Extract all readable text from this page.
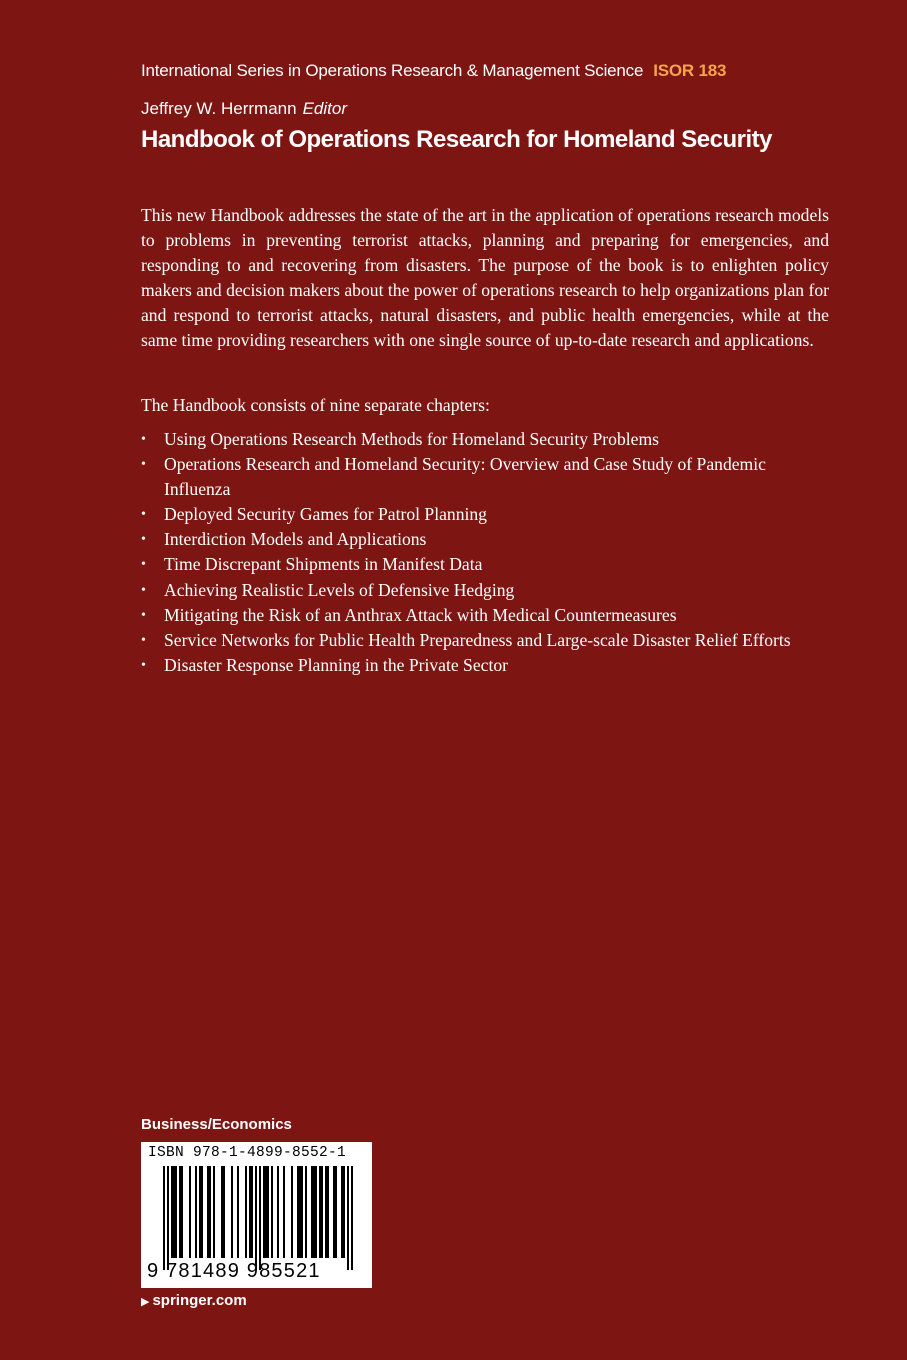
International Series in Operations Research & Management Science ISOR 183
Jeffrey W. Herrmann Editor
Handbook of Operations Research for Homeland Security

This new Handbook addresses the state of the art in the application of operations research models to problems in preventing terrorist attacks, planning and preparing for emergencies, and responding to and recovering from disasters. The purpose of the book is to enlighten policy makers and decision makers about the power of operations research to help organizations plan for and respond to terrorist attacks, natural disasters, and public health emergencies, while at the same time providing researchers with one single source of up-to-date research and applications.

The Handbook consists of nine separate chapters:

• Using Operations Research Methods for Homeland Security Problems
• Operations Research and Homeland Security: Overview and Case Study of Pandemic Influenza
• Deployed Security Games for Patrol Planning
• Interdiction Models and Applications
• Time Discrepant Shipments in Manifest Data
• Achieving Realistic Levels of Defensive Hedging
• Mitigating the Risk of an Anthrax Attack with Medical Countermeasures
• Service Networks for Public Health Preparedness and Large-scale Disaster Relief Efforts
• Disaster Response Planning in the Private Sector
Business/Economics
ISBN 978-1-4899-8552-1
9 781489 985521
▶ springer.com
